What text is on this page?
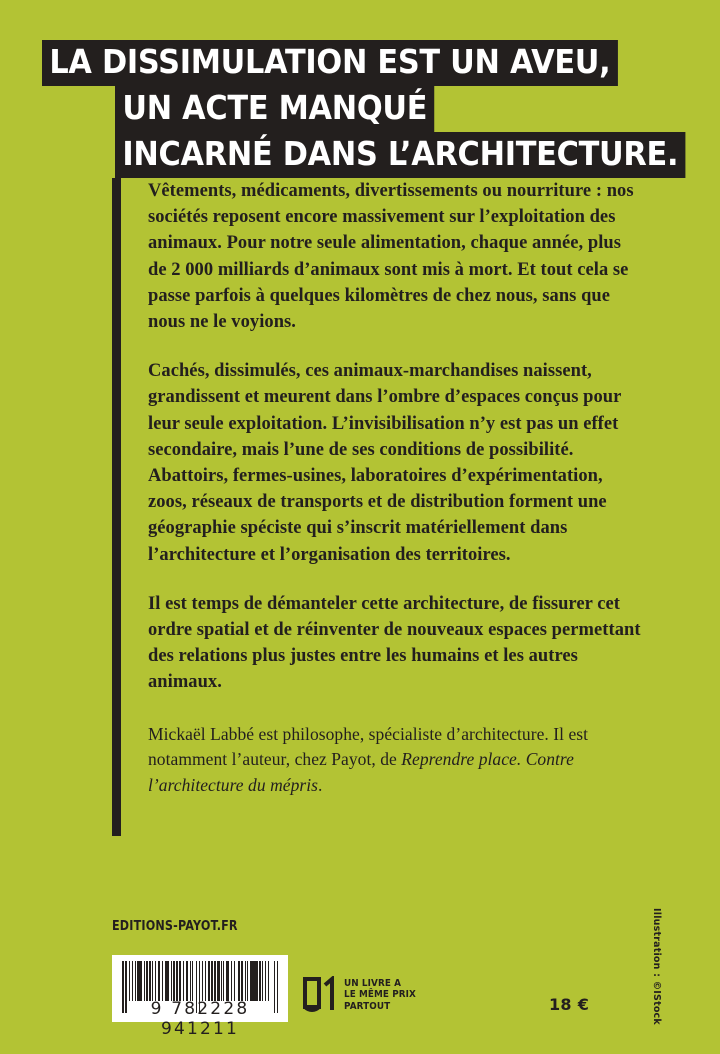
LA DISSIMULATION EST UN AVEU,
UN ACTE MANQUÉ
INCARNÉ DANS L’ARCHITECTURE.

Vêtements, médicaments, divertissements ou nourriture : nos sociétés reposent encore massivement sur l’exploitation des animaux. Pour notre seule alimentation, chaque année, plus de 2 000 milliards d’animaux sont mis à mort. Et tout cela se passe parfois à quelques kilomètres de chez nous, sans que nous ne le voyions.

Cachés, dissimulés, ces animaux-marchandises naissent, grandissent et meurent dans l’ombre d’espaces conçus pour leur seule exploitation. L’invisibilisation n’y est pas un effet secondaire, mais l’une de ses conditions de possibilité. Abattoirs, fermes-usines, laboratoires d’expérimentation, zoos, réseaux de transports et de distribution forment une géographie spéciste qui s’inscrit matériellement dans l’architecture et l’organisation des territoires.

Il est temps de démanteler cette architecture, de fissurer cet ordre spatial et de réinventer de nouveaux espaces permettant des relations plus justes entre les humains et les autres animaux.

Mickaël Labbé est philosophe, spécialiste d’architecture. Il est notamment l’auteur, chez Payot, de Reprendre place. Contre l’architecture du mépris.

EDITIONS-PAYOT.FR
9 782228 941211
UN LIVRE A
LE MÊME PRIX
PARTOUT	18 €	Illustration : ©IStock
